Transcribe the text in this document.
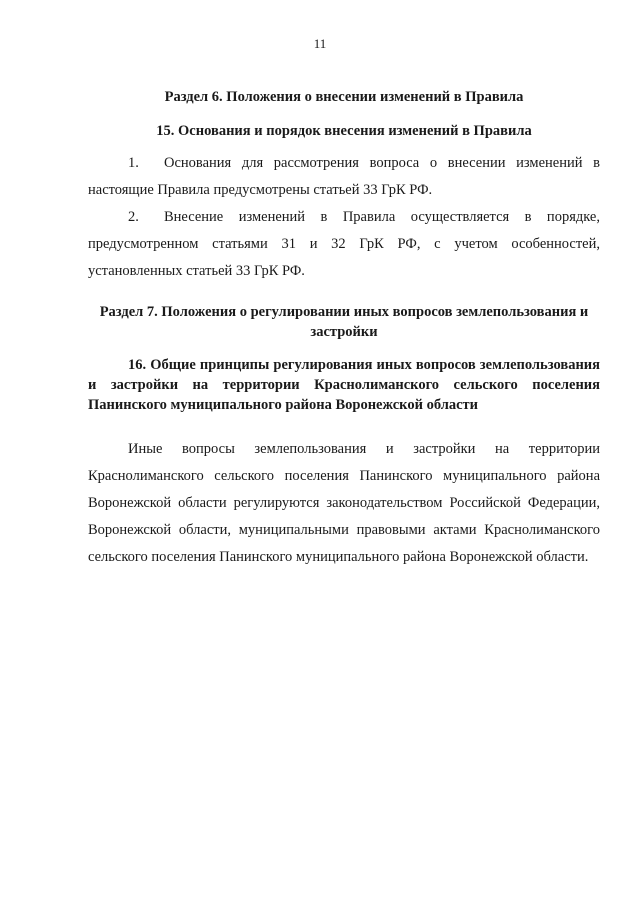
11
Раздел 6. Положения о внесении изменений в Правила
15. Основания и порядок внесения изменений в Правила
1. Основания для рассмотрения вопроса о внесении изменений в настоящие Правила предусмотрены статьей 33 ГрК РФ.
2. Внесение изменений в Правила осуществляется в порядке, предусмотренном статьями 31 и 32 ГрК РФ, с учетом особенностей, установленных статьей 33 ГрК РФ.
Раздел 7. Положения о регулировании иных вопросов землепользования и застройки
16. Общие принципы регулирования иных вопросов землепользования и застройки на территории Краснолиманского сельского поселения Панинского муниципального района Воронежской области
Иные вопросы землепользования и застройки на территории Краснолиманского сельского поселения Панинского муниципального района Воронежской области регулируются законодательством Российской Федерации, Воронежской области, муниципальными правовыми актами Краснолиманского сельского поселения Панинского муниципального района Воронежской области.
